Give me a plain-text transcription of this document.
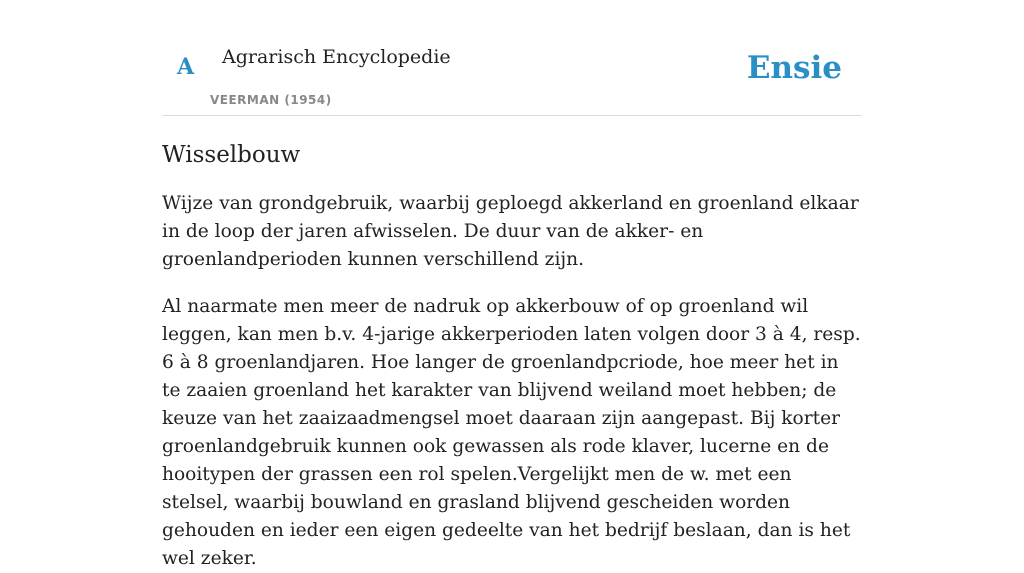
A Agrarisch Encyclopedie
VEERMAN (1954)
Ensie
Wisselbouw

Wijze van grondgebruik, waarbij geploegd akkerland en groenland elkaar in de loop der jaren afwisselen. De duur van de akker- en groenlandperioden kunnen verschillend zijn.

Al naarmate men meer de nadruk op akkerbouw of op groenland wil leggen, kan men b.v. 4-jarige akkerperioden laten volgen door 3 à 4, resp. 6 à 8 groenlandjaren. Hoe langer de groenlandpcriode, hoe meer het in te zaaien groenland het karakter van blijvend weiland moet hebben; de keuze van het zaaizaadmengsel moet daaraan zijn aangepast. Bij korter groenlandgebruik kunnen ook gewassen als rode klaver, lucerne en de hooitypen der grassen een rol spelen.Vergelijkt men de w. met een stelsel, waarbij bouwland en grasland blijvend gescheiden worden gehouden en ieder een eigen gedeelte van het bedrijf beslaan, dan is het wel zeker.
